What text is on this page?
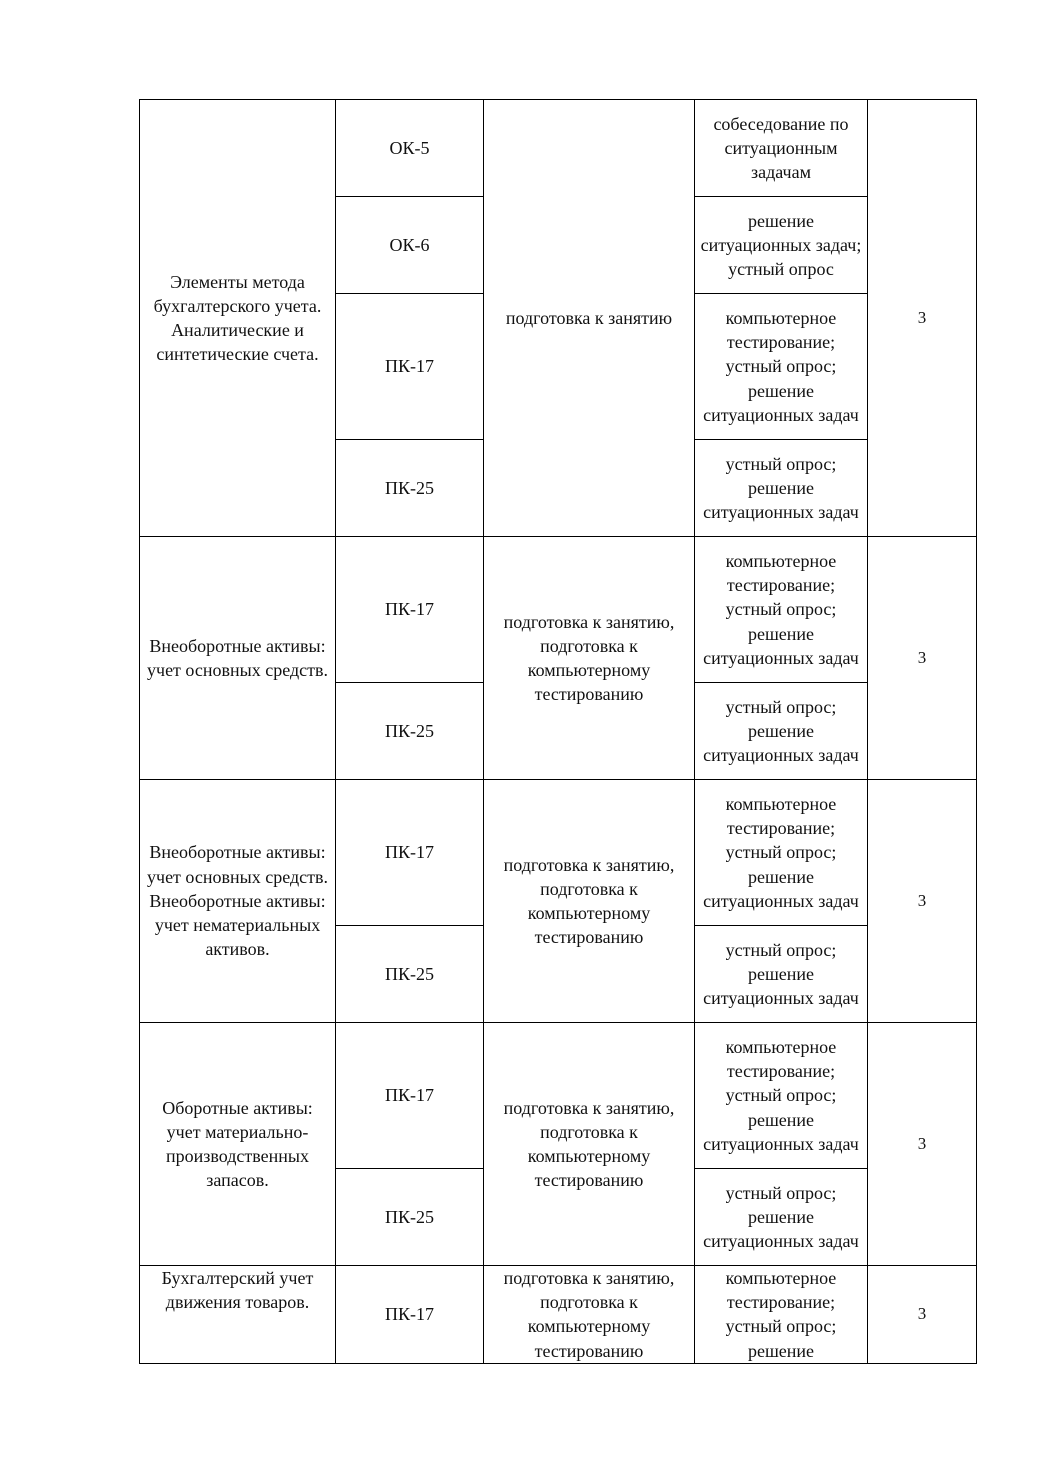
Элементы метода бухгалтерского учета. Аналитические и синтетические счета.	ОК-5	подготовка к занятию	собеседование по ситуационным задачам	3
	ОК-6		решение ситуационных задач; устный опрос	
	ПК-17		компьютерное тестирование; устный опрос; решение ситуационных задач	
	ПК-25		устный опрос; решение ситуационных задач	
Внеоборотные активы: учет основных средств.	ПК-17	подготовка к занятию, подготовка к компьютерному тестированию	компьютерное тестирование; устный опрос; решение ситуационных задач	3
	ПК-25		устный опрос; решение ситуационных задач	
Внеоборотные активы: учет основных средств. Внеоборотные активы: учет нематериальных активов.	ПК-17	подготовка к занятию, подготовка к компьютерному тестированию	компьютерное тестирование; устный опрос; решение ситуационных задач	3
	ПК-25		устный опрос; решение ситуационных задач	
Оборотные активы: учет материально-производственных запасов.	ПК-17	подготовка к занятию, подготовка к компьютерному тестированию	компьютерное тестирование; устный опрос; решение ситуационных задач	3
	ПК-25		устный опрос; решение ситуационных задач	
Бухгалтерский учет движения товаров.	ПК-17	подготовка к занятию, подготовка к компьютерному тестированию	компьютерное тестирование; устный опрос; решение	3
